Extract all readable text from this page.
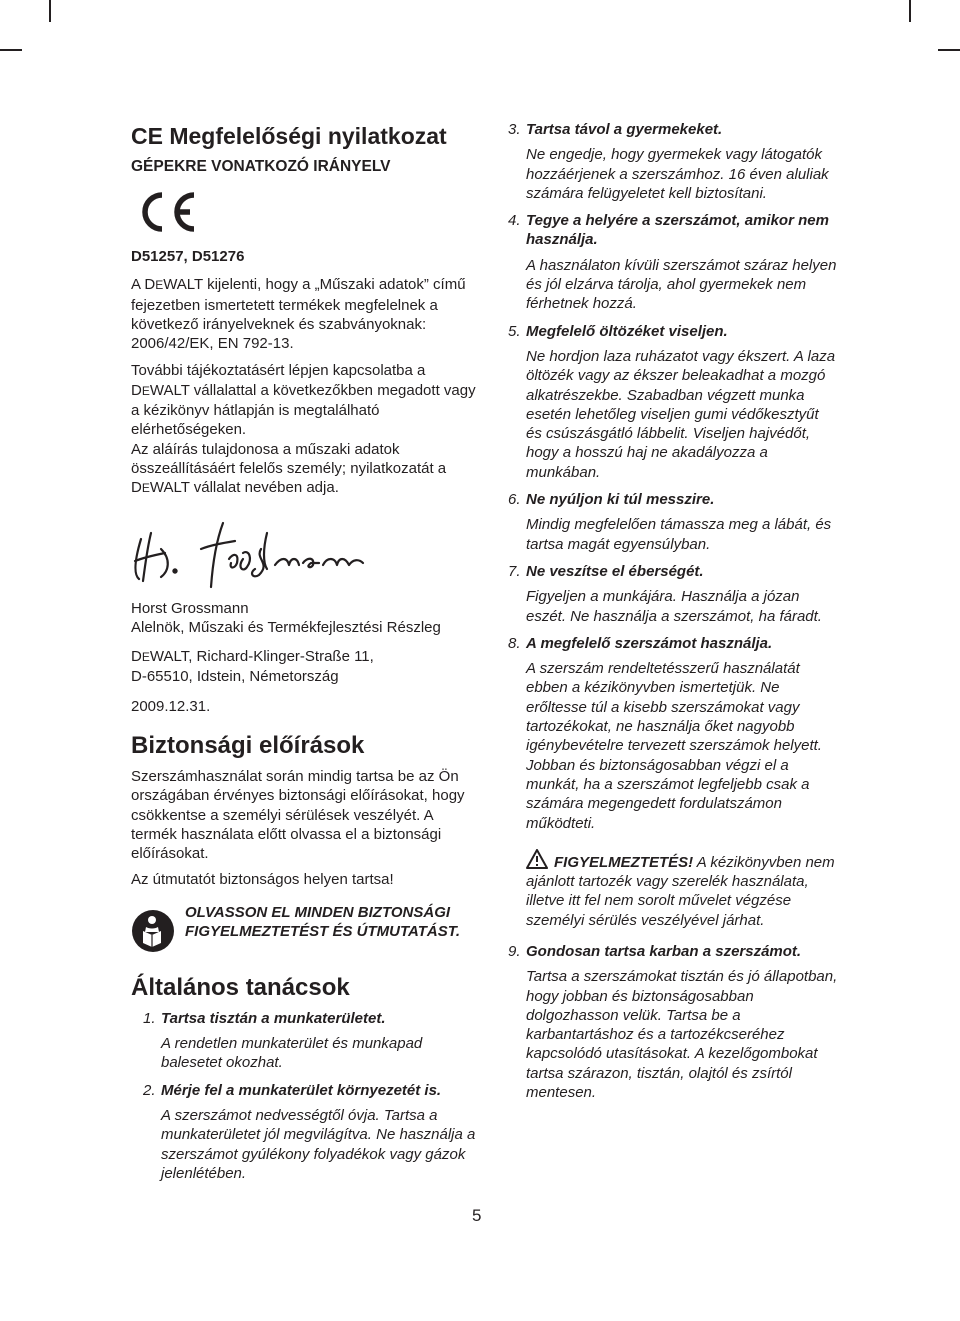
CE Megfelelőségi nyilatkozat

GÉPEKRE VONATKOZÓ IRÁNYELV

D51257, D51276

A DEWALT kijelenti, hogy a „Műszaki adatok” című fejezetben ismertetett termékek megfelelnek a következő irányelveknek és szabványoknak:

2006/42/EK, EN 792-13.

További tájékoztatásért lépjen kapcsolatba a DEWALT vállalattal a következőkben megadott vagy a kézikönyv hátlapján is megtalálható elérhetőségeken.

Az aláírás tulajdonosa a műszaki adatok összeállításáért felelős személy; nyilatkozatát a DEWALT vállalat nevében adja.

Horst Grossmann

Alelnök, Műszaki és Termékfejlesztési Részleg

DEWALT, Richard-Klinger-Straße 11,

D-65510, Idstein, Németország

2009.12.31.

Biztonsági előírások

Szerszámhasználat során mindig tartsa be az Ön országában érvényes biztonsági előírásokat, hogy csökkentse a személyi sérülések veszélyét. A termék használata előtt olvassa el a biztonsági előírásokat.

Az útmutatót biztonságos helyen tartsa!

OLVASSON EL MINDEN BIZTONSÁGI FIGYELMEZTETÉST ÉS ÚTMUTATÁST.

Általános tanácsok

1. Tartsa tisztán a munkaterületet.

A rendetlen munkaterület és munkapad balesetet okozhat.

2. Mérje fel a munkaterület környezetét is.

A szerszámot nedvességtől óvja. Tartsa a munkaterületet jól megvilágítva. Ne használja a szerszámot gyúlékony folyadékok vagy gázok jelenlétében.

3. Tartsa távol a gyermekeket.

Ne engedje, hogy gyermekek vagy látogatók hozzáérjenek a szerszámhoz. 16 éven aluliak számára felügyeletet kell biztosítani.

4. Tegye a helyére a szerszámot, amikor nem használja.

A használaton kívüli szerszámot száraz helyen és jól elzárva tárolja, ahol gyermekek nem férhetnek hozzá.

5. Megfelelő öltözéket viseljen.

Ne hordjon laza ruházatot vagy ékszert. A laza öltözék vagy az ékszer beleakadhat a mozgó alkatrészekbe. Szabadban végzett munka esetén lehetőleg viseljen gumi védőkesztyűt és csúszásgátló lábbelit. Viseljen hajvédőt, hogy a hosszú haj ne akadályozza a munkában.

6. Ne nyúljon ki túl messzire.

Mindig megfelelően támassza meg a lábát, és tartsa magát egyensúlyban.

7. Ne veszítse el éberségét.

Figyeljen a munkájára. Használja a józan eszét. Ne használja a szerszámot, ha fáradt.

8. A megfelelő szerszámot használja.

A szerszám rendeltetésszerű használatát ebben a kézikönyvben ismertetjük. Ne erőltesse túl a kisebb szerszámokat vagy tartozékokat, ne használja őket nagyobb igénybevételre tervezett szerszámok helyett. Jobban és biztonságosabban végzi el a munkát, ha a szerszámot legfeljebb csak a számára megengedett fordulatszámon működteti.

FIGYELMEZTETÉS! A kézikönyvben nem ajánlott tartozék vagy szerelék használata, illetve itt fel nem sorolt művelet végzése személyi sérülés veszélyével járhat.

9. Gondosan tartsa karban a szerszámot.

Tartsa a szerszámokat tisztán és jó állapotban, hogy jobban és biztonságosabban dolgozhasson velük. Tartsa be a karbantartáshoz és a tartozékcseréhez kapcsolódó utasításokat. A kezelőgombokat tartsa szárazon, tisztán, olajtól és zsírtól mentesen.

5
